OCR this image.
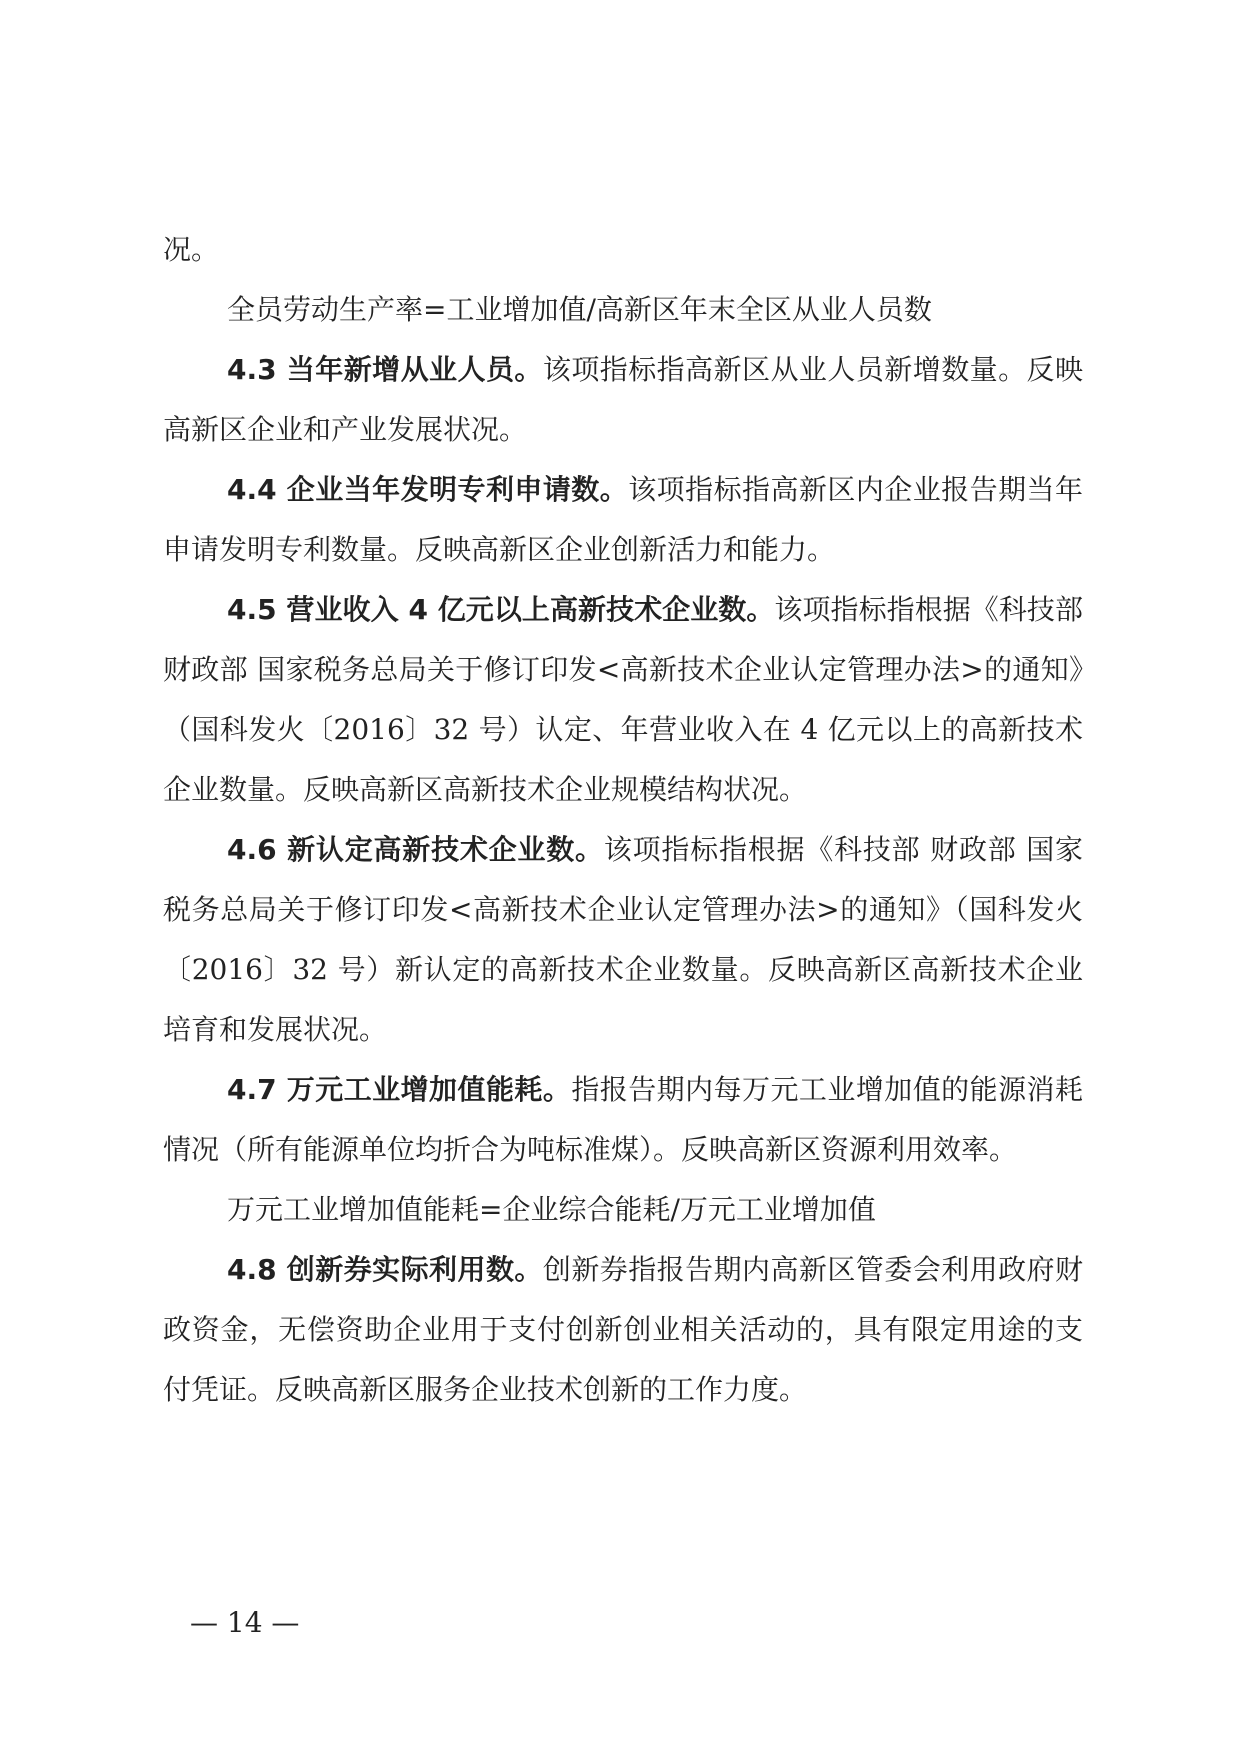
况。

全员劳动生产率=工业增加值/高新区年末全区从业人员数

4.3 当年新增从业人员。该项指标指高新区从业人员新增数量。反映高新区企业和产业发展状况。

4.4 企业当年发明专利申请数。该项指标指高新区内企业报告期当年申请发明专利数量。反映高新区企业创新活力和能力。

4.5 营业收入 4 亿元以上高新技术企业数。该项指标指根据《科技部 财政部 国家税务总局关于修订印发<高新技术企业认定管理办法>的通知》（国科发火〔2016〕32 号）认定、年营业收入在 4 亿元以上的高新技术企业数量。反映高新区高新技术企业规模结构状况。

4.6 新认定高新技术企业数。该项指标指根据《科技部 财政部 国家税务总局关于修订印发<高新技术企业认定管理办法>的通知》（国科发火〔2016〕32 号）新认定的高新技术企业数量。反映高新区高新技术企业培育和发展状况。

4.7 万元工业增加值能耗。指报告期内每万元工业增加值的能源消耗情况（所有能源单位均折合为吨标准煤）。反映高新区资源利用效率。

万元工业增加值能耗=企业综合能耗/万元工业增加值

4.8 创新券实际利用数。创新券指报告期内高新区管委会利用政府财政资金，无偿资助企业用于支付创新创业相关活动的，具有限定用途的支付凭证。反映高新区服务企业技术创新的工作力度。

— 14 —
